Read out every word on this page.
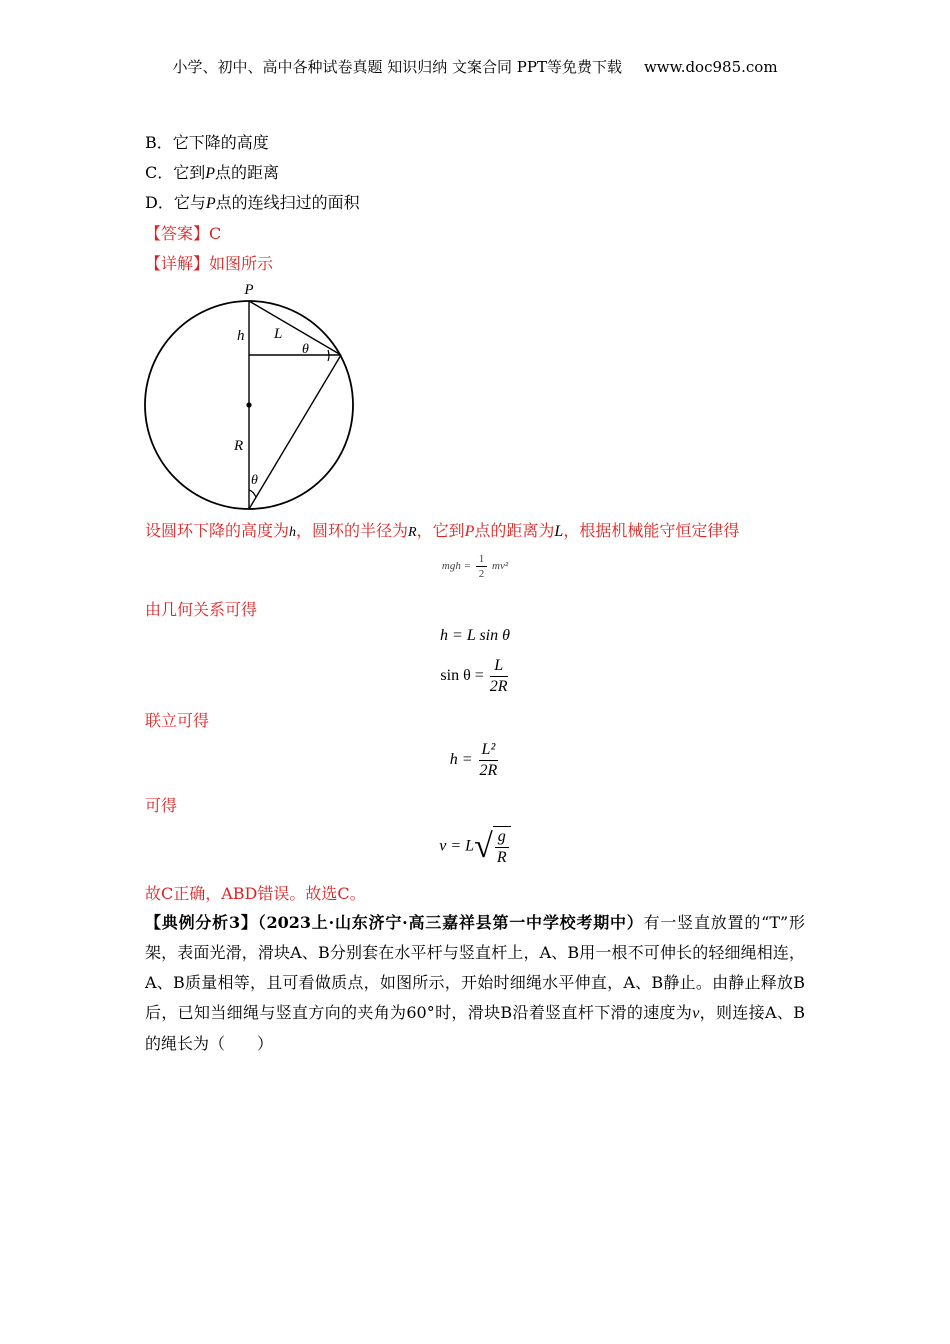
小学、初中、高中各种试卷真题 知识归纳 文案合同 PPT等免费下载 www.doc985.com
B．它下降的高度
C．它到P点的距离
D．它与P点的连线扫过的面积
【答案】C
【详解】如图所示
P
h L
θ
R
θ
设圆环下降的高度为h，圆环的半径为R，它到P点的距离为L，根据机械能守恒定律得
mgh = $\frac{1}{2} mv^2$
由几何关系可得
h = L sin θ
$\sin \theta = \frac{L}{2R}$
联立可得
$h = \frac{\text{L²}}{2R}$
可得
$v = L√ \frac{g}{R}$
故C正确，ABD错误。故选C。
【典例分析3】（2023上·山东济宁·高三嘉祥县第一中学校考期中）有一竖直放置的“T”形架，表面光滑，滑块A、B分别套在水平杆与竖直杆上，A、B用一根不可伸长的轻细绳相连，A、B质量相等，且可看做质点，如图所示，开始时细绳水平伸直，A、B静止。由静止释放B后，已知当细绳与竖直方向的夹角为60°时，滑块B沿着竖直杆下滑的速度为v，则连接A、B的绳长为（　　）
